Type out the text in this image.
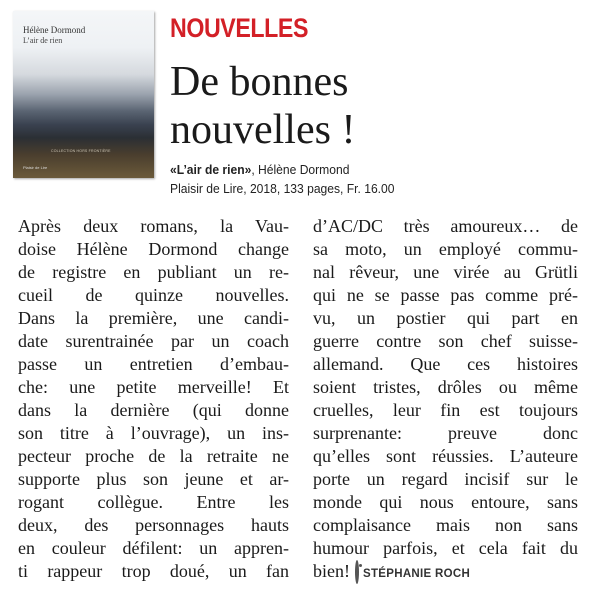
Hélène Dormond
L’air de rien
COLLECTION HORS FRONTIÈRE
Plaisir de Lire
NOUVELLES
De bonnes
nouvelles !
«L’air de rien», Hélène Dormond
Plaisir de Lire, 2018, 133 pages, Fr. 16.00
Après deux romans, la Vau-
doise Hélène Dormond change
de registre en publiant un re-
cueil de quinze nouvelles.
Dans la première, une candi-
date surentrainée par un coach
passe un entretien d’embau-
che: une petite merveille! Et
dans la dernière (qui donne
son titre à l’ouvrage), un ins-
pecteur proche de la retraite ne
supporte plus son jeune et ar-
rogant collègue. Entre les
deux, des personnages hauts
en couleur défilent: un appren-
ti rappeur trop doué, un fan
d’AC/DC très amoureux… de
sa moto, un employé commu-
nal rêveur, une virée au Grütli
qui ne se passe pas comme pré-
vu, un postier qui part en
guerre contre son chef suisse-
allemand. Que ces histoires
soient tristes, drôles ou même
cruelles, leur fin est toujours
surprenante: preuve donc
qu’elles sont réussies. L’auteure
porte un regard incisif sur le
monde qui nous entoure, sans
complaisance mais non sans
humour parfois, et cela fait du
bien! STÉPHANIE ROCH
